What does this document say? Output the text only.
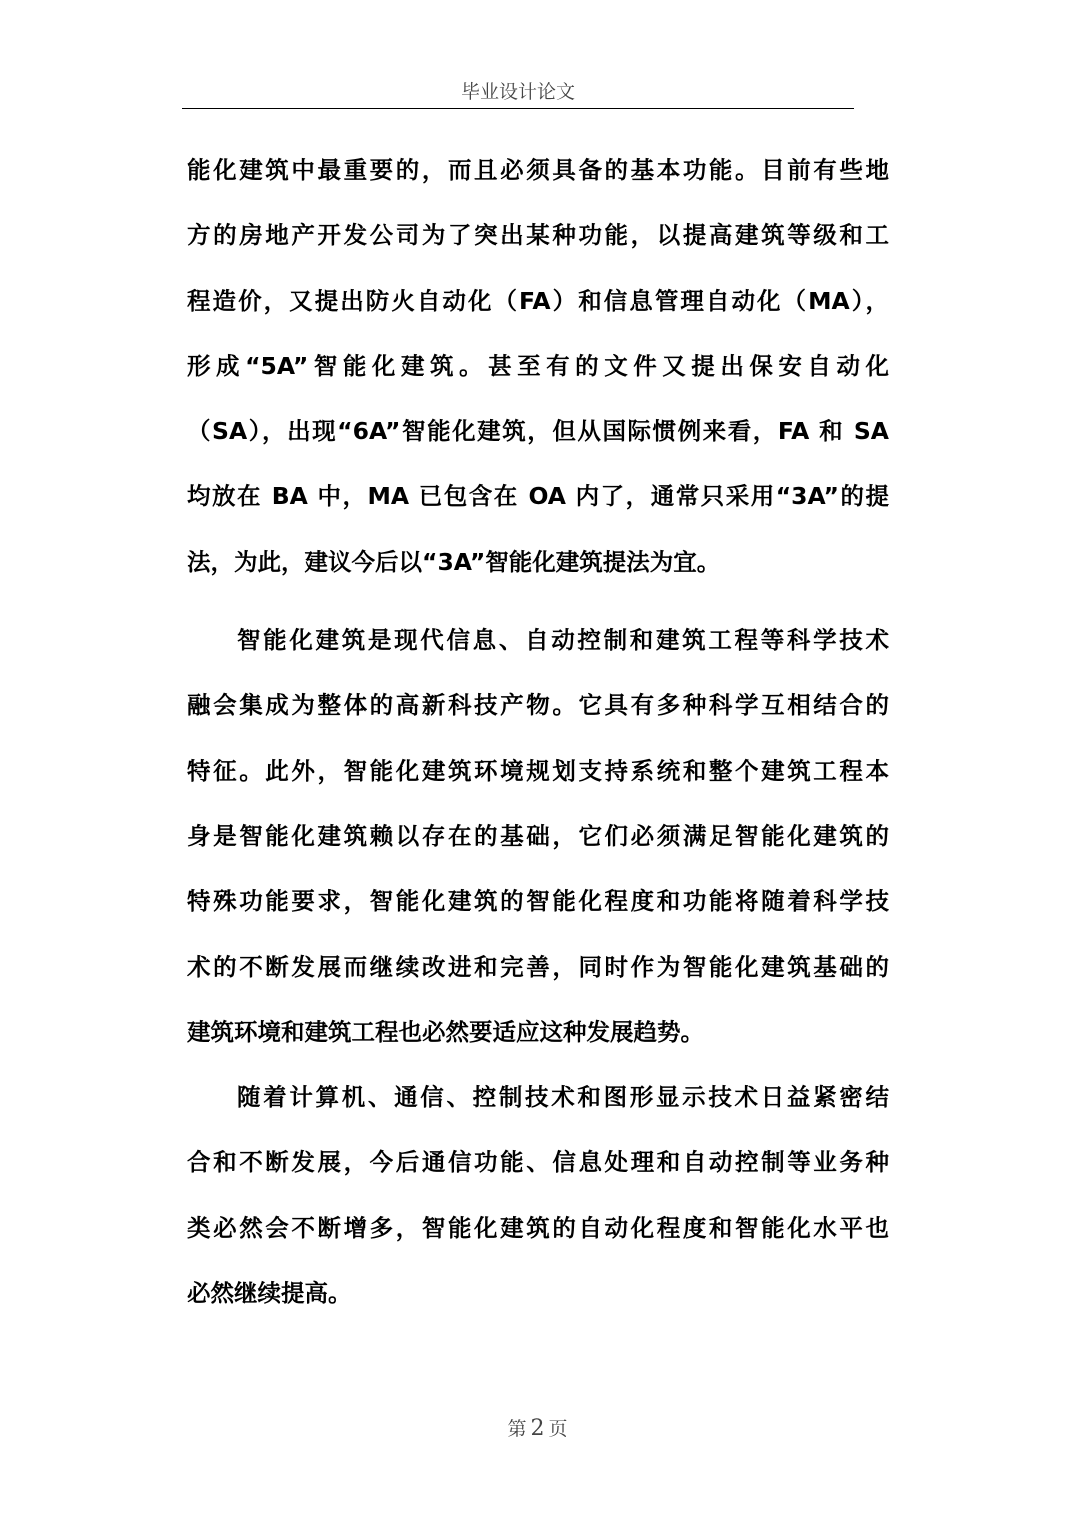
毕业设计论文
能化建筑中最重要的，而且必须具备的基本功能。目前有些地
方的房地产开发公司为了突出某种功能，以提高建筑等级和工
程造价，又提出防火自动化（FA）和信息管理自动化（MA），
形成“5A”智能化建筑。甚至有的文件又提出保安自动化
（SA），出现“6A”智能化建筑，但从国际惯例来看，FA 和 SA
均放在 BA 中，MA 已包含在 OA 内了，通常只采用“3A”的提
法，为此，建议今后以“3A”智能化建筑提法为宜。
智能化建筑是现代信息、自动控制和建筑工程等科学技术
融会集成为整体的高新科技产物。它具有多种科学互相结合的
特征。此外，智能化建筑环境规划支持系统和整个建筑工程本
身是智能化建筑赖以存在的基础，它们必须满足智能化建筑的
特殊功能要求，智能化建筑的智能化程度和功能将随着科学技
术的不断发展而继续改进和完善，同时作为智能化建筑基础的
建筑环境和建筑工程也必然要适应这种发展趋势。
随着计算机、通信、控制技术和图形显示技术日益紧密结
合和不断发展，今后通信功能、信息处理和自动控制等业务种
类必然会不断增多，智能化建筑的自动化程度和智能化水平也
必然继续提高。
第 2 页
